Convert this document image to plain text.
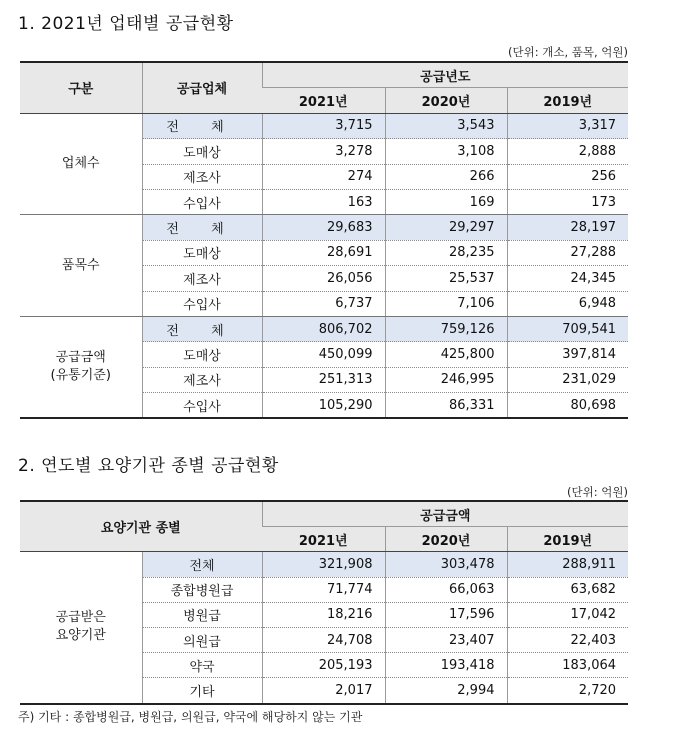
1. 2021년 업태별 공급현황
(단위: 개소, 품목, 억원)
구분	공급업체	공급년도		
		2021년	2020년	2019년
업체수	전 체	3,715	3,543	3,317
	도매상	3,278	3,108	2,888
	제조사	274	266	256
	수입사	163	169	173
품목수	전 체	29,683	29,297	28,197
	도매상	28,691	28,235	27,288
	제조사	26,056	25,537	24,345
	수입사	6,737	7,106	6,948

공급금액
(유통기준)	전 체	806,702	759,126	709,541
	도매상	450,099	425,800	397,814
	제조사	251,313	246,995	231,029
	수입사	105,290	86,331	80,698
2. 연도별 요양기관 종별 공급현황
(단위: 억원)
요양기관 종별		공급금액		
		2021년	2020년	2019년

공급받은
요양기관	전체	321,908	303,478	288,911
	종합병원급	71,774	66,063	63,682
	병원급	18,216	17,596	17,042
	의원급	24,708	23,407	22,403
	약국	205,193	193,418	183,064
	기타	2,017	2,994	2,720
주) 기타 : 종합병원급, 병원급, 의원급, 약국에 해당하지 않는 기관
